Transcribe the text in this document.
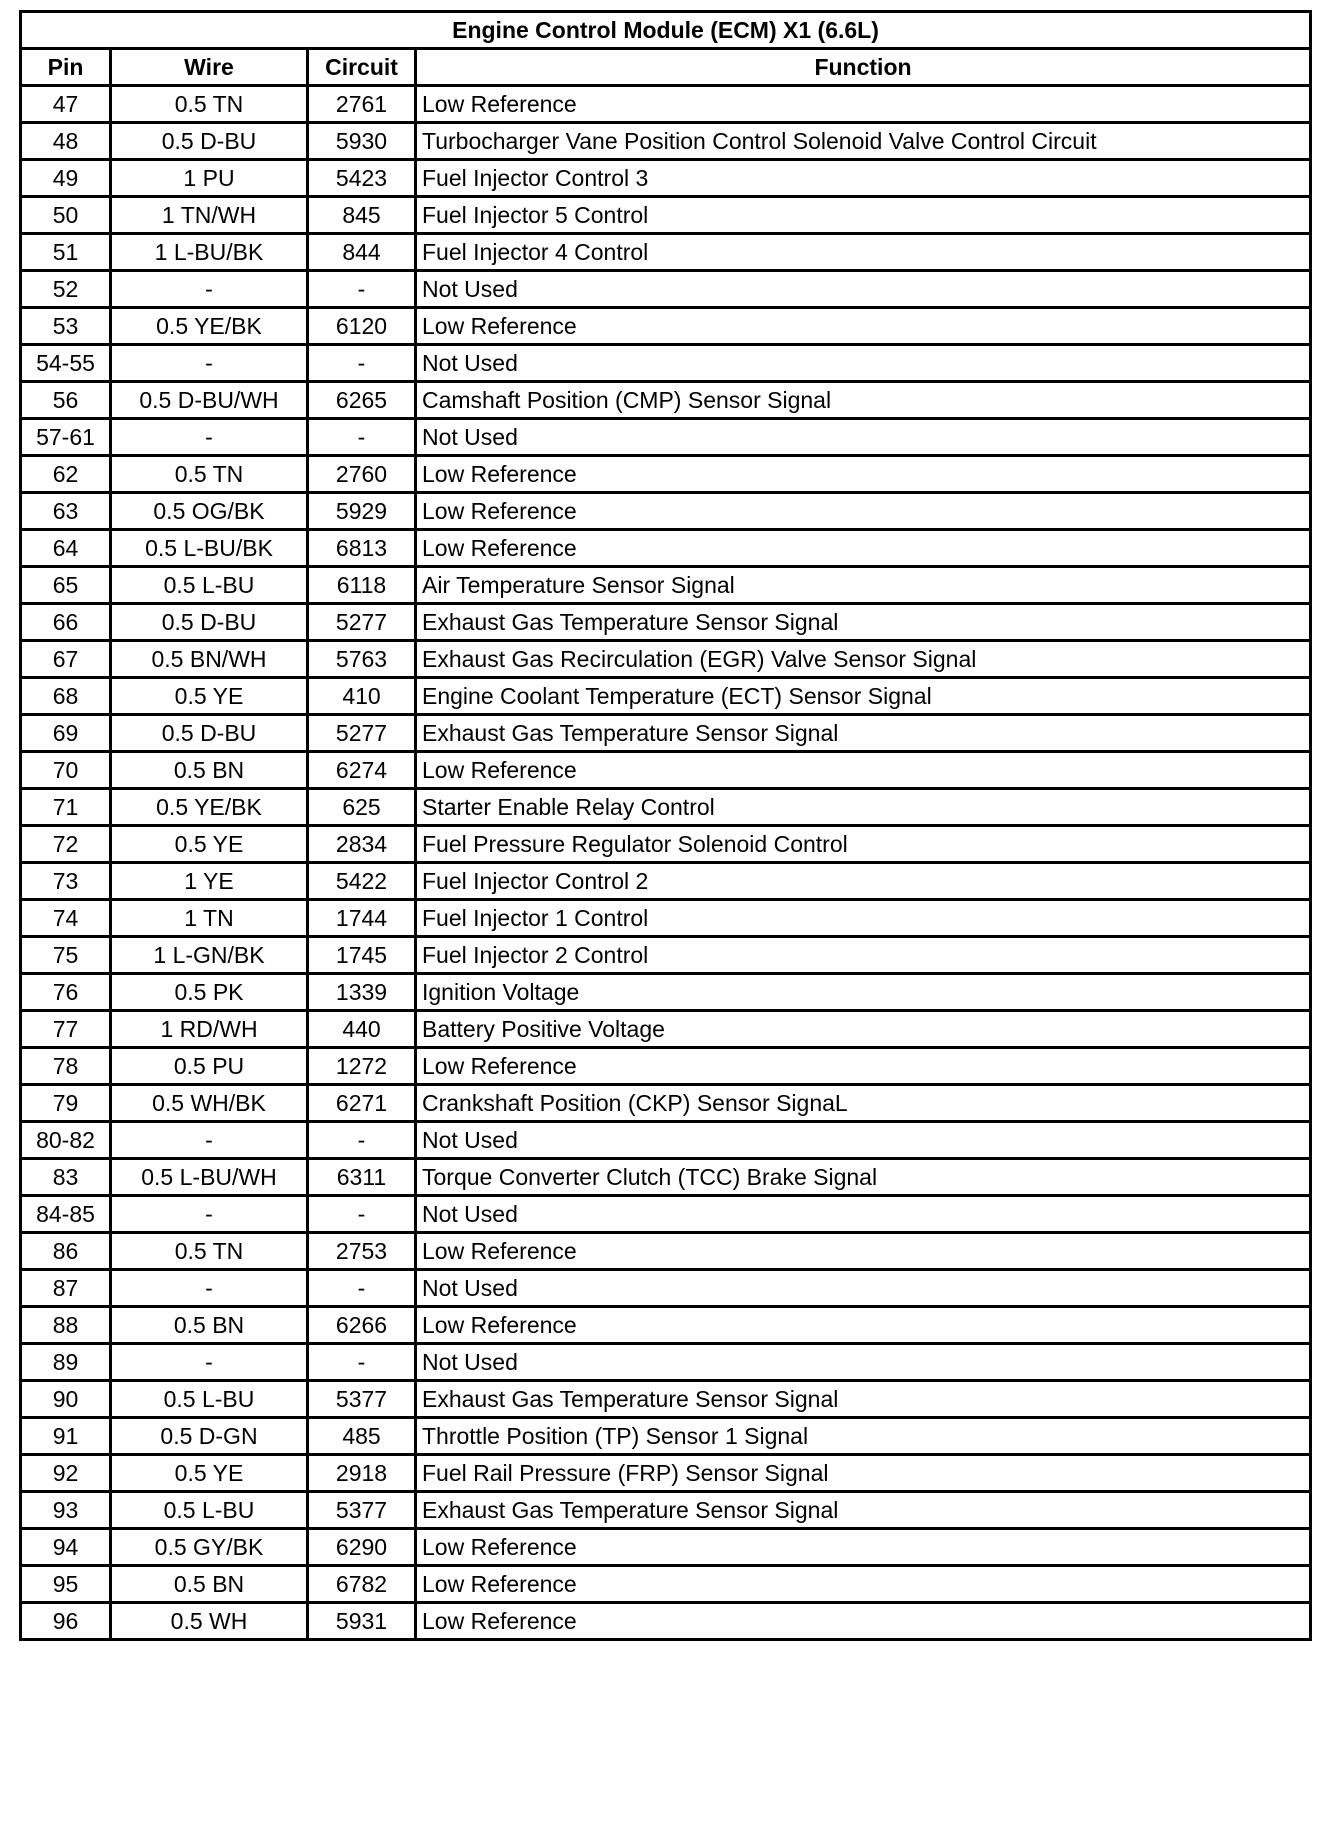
Engine Control Module (ECM) X1 (6.6L)			
Pin	Wire	Circuit	Function
47	0.5 TN	2761	Low Reference
48	0.5 D-BU	5930	Turbocharger Vane Position Control Solenoid Valve Control Circuit
49	1 PU	5423	Fuel Injector Control 3
50	1 TN/WH	845	Fuel Injector 5 Control
51	1 L-BU/BK	844	Fuel Injector 4 Control
52	-	-	Not Used
53	0.5 YE/BK	6120	Low Reference
54-55	-	-	Not Used
56	0.5 D-BU/WH	6265	Camshaft Position (CMP) Sensor Signal
57-61	-	-	Not Used
62	0.5 TN	2760	Low Reference
63	0.5 OG/BK	5929	Low Reference
64	0.5 L-BU/BK	6813	Low Reference
65	0.5 L-BU	6118	Air Temperature Sensor Signal
66	0.5 D-BU	5277	Exhaust Gas Temperature Sensor Signal
67	0.5 BN/WH	5763	Exhaust Gas Recirculation (EGR) Valve Sensor Signal
68	0.5 YE	410	Engine Coolant Temperature (ECT) Sensor Signal
69	0.5 D-BU	5277	Exhaust Gas Temperature Sensor Signal
70	0.5 BN	6274	Low Reference
71	0.5 YE/BK	625	Starter Enable Relay Control
72	0.5 YE	2834	Fuel Pressure Regulator Solenoid Control
73	1 YE	5422	Fuel Injector Control 2
74	1 TN	1744	Fuel Injector 1 Control
75	1 L-GN/BK	1745	Fuel Injector 2 Control
76	0.5 PK	1339	Ignition Voltage
77	1 RD/WH	440	Battery Positive Voltage
78	0.5 PU	1272	Low Reference
79	0.5 WH/BK	6271	Crankshaft Position (CKP) Sensor SignaL
80-82	-	-	Not Used
83	0.5 L-BU/WH	6311	Torque Converter Clutch (TCC) Brake Signal
84-85	-	-	Not Used
86	0.5 TN	2753	Low Reference
87	-	-	Not Used
88	0.5 BN	6266	Low Reference
89	-	-	Not Used
90	0.5 L-BU	5377	Exhaust Gas Temperature Sensor Signal
91	0.5 D-GN	485	Throttle Position (TP) Sensor 1 Signal
92	0.5 YE	2918	Fuel Rail Pressure (FRP) Sensor Signal
93	0.5 L-BU	5377	Exhaust Gas Temperature Sensor Signal
94	0.5 GY/BK	6290	Low Reference
95	0.5 BN	6782	Low Reference
96	0.5 WH	5931	Low Reference
